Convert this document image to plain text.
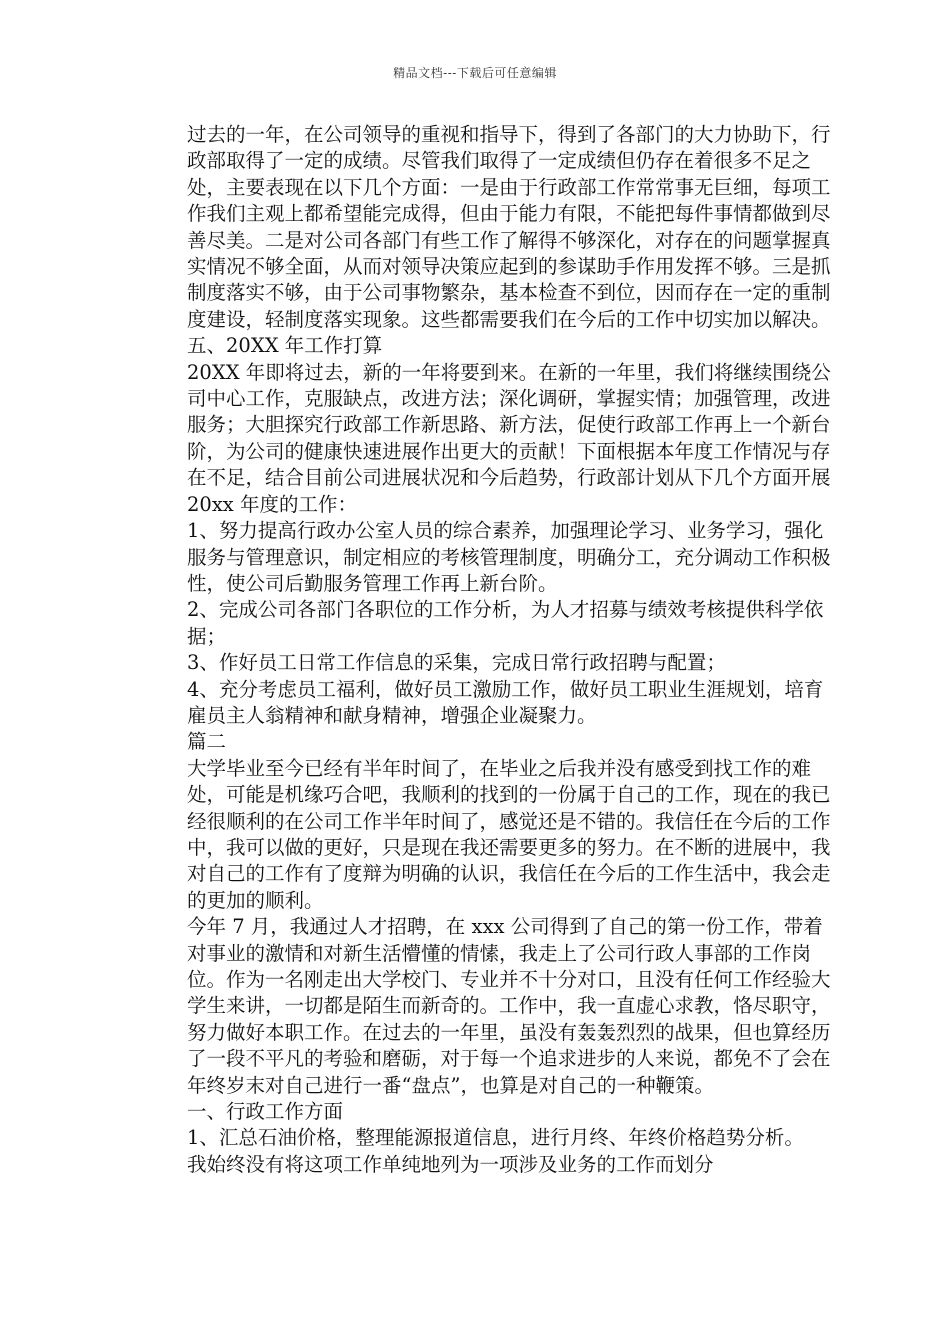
精品文档---下载后可任意编辑

过去的一年，在公司领导的重视和指导下，得到了各部门的大力协助下，行政部取得了一定的成绩。尽管我们取得了一定成绩但仍存在着很多不足之处，主要表现在以下几个方面：一是由于行政部工作常常事无巨细，每项工作我们主观上都希望能完成得，但由于能力有限，不能把每件事情都做到尽善尽美。二是对公司各部门有些工作了解得不够深化，对存在的问题掌握真实情况不够全面，从而对领导决策应起到的参谋助手作用发挥不够。三是抓制度落实不够，由于公司事物繁杂，基本检查不到位，因而存在一定的重制度建设，轻制度落实现象。这些都需要我们在今后的工作中切实加以解决。

五、20XX 年工作打算

20XX 年即将过去，新的一年将要到来。在新的一年里，我们将继续围绕公司中心工作，克服缺点，改进方法；深化调研，掌握实情；加强管理，改进服务；大胆探究行政部工作新思路、新方法，促使行政部工作再上一个新台阶，为公司的健康快速进展作出更大的贡献！下面根据本年度工作情况与存在不足，结合目前公司进展状况和今后趋势，行政部计划从下几个方面开展 20xx 年度的工作：

1、努力提高行政办公室人员的综合素养，加强理论学习、业务学习，强化服务与管理意识，制定相应的考核管理制度，明确分工，充分调动工作积极性，使公司后勤服务管理工作再上新台阶。

2、完成公司各部门各职位的工作分析，为人才招募与绩效考核提供科学依据；

3、作好员工日常工作信息的采集，完成日常行政招聘与配置；

4、充分考虑员工福利，做好员工激励工作，做好员工职业生涯规划，培育雇员主人翁精神和献身精神，增强企业凝聚力。

篇二

大学毕业至今已经有半年时间了，在毕业之后我并没有感受到找工作的难处，可能是机缘巧合吧，我顺利的找到的一份属于自己的工作，现在的我已经很顺利的在公司工作半年时间了，感觉还是不错的。我信任在今后的工作中，我可以做的更好，只是现在我还需要更多的努力。在不断的进展中，我对自己的工作有了度辩为明确的认识，我信任在今后的工作生活中，我会走的更加的顺利。

今年 7 月，我通过人才招聘，在 xxx 公司得到了自己的第一份工作，带着对事业的激情和对新生活懵懂的情愫，我走上了公司行政人事部的工作岗位。作为一名刚走出大学校门、专业并不十分对口，且没有任何工作经验大学生来讲，一切都是陌生而新奇的。工作中，我一直虚心求教，恪尽职守，努力做好本职工作。在过去的一年里，虽没有轰轰烈烈的战果，但也算经历了一段不平凡的考验和磨砺，对于每一个追求进步的人来说，都免不了会在年终岁末对自己进行一番“盘点”，也算是对自己的一种鞭策。

一、行政工作方面

1、汇总石油价格，整理能源报道信息，进行月终、年终价格趋势分析。

我始终没有将这项工作单纯地列为一项涉及业务的工作而划分
